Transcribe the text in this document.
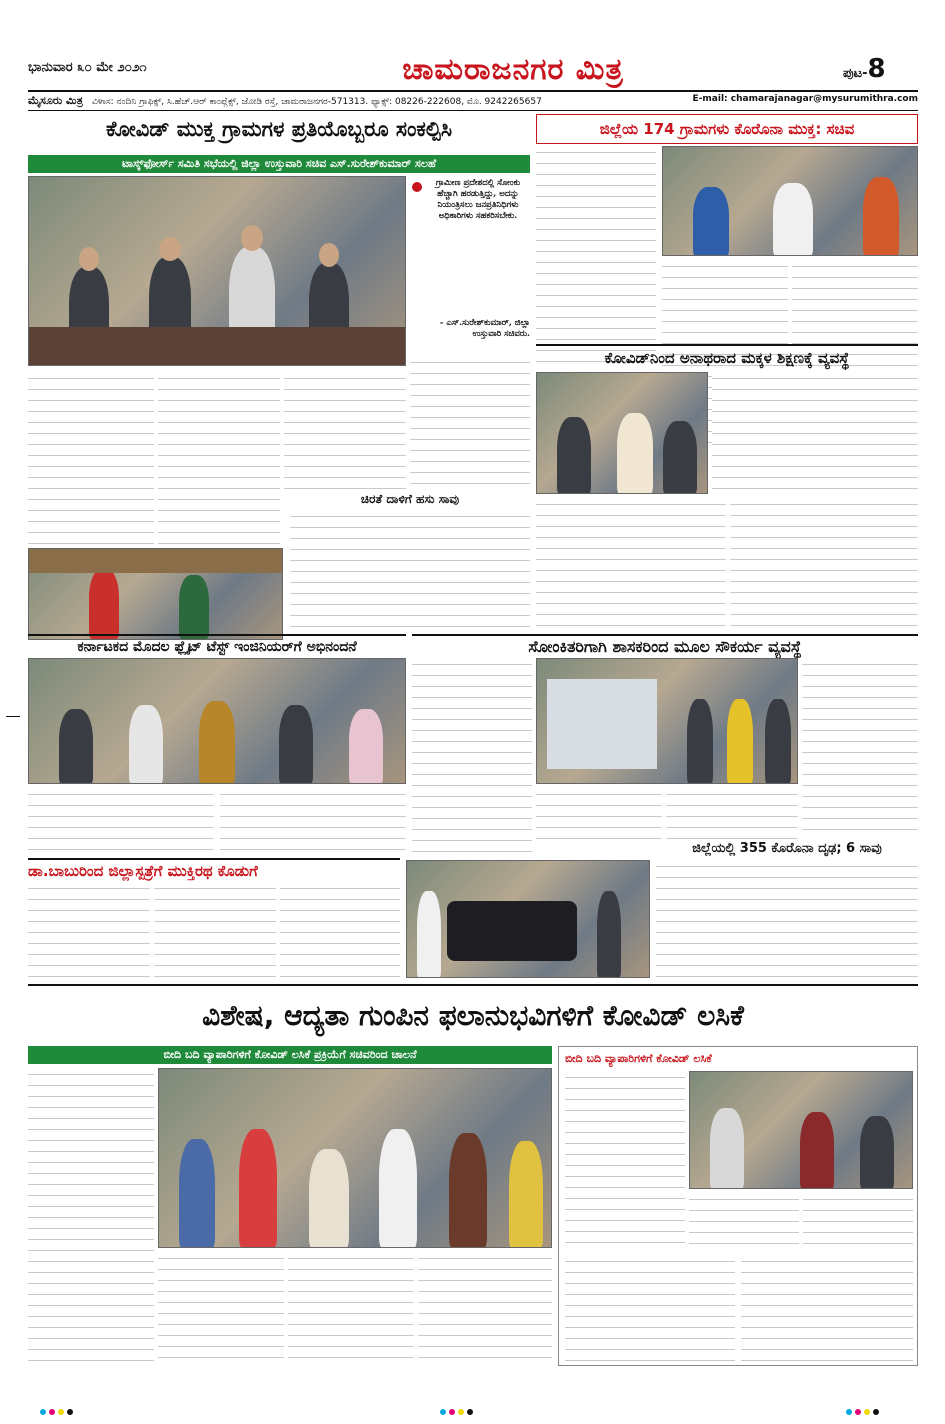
ಭಾನುವಾರ ೩೦ ಮೇ ೨೦೨೧	ಚಾಮರಾಜನಗರ ಮಿತ್ರ	ಪುಟ-8
ಮೈಸೂರು ಮಿತ್ರ ವಿಳಾಸ: ನಂದಿನಿ ಗ್ರಾಫಿಕ್ಸ್, ಸಿ.ಹೆಚ್.ಆರ್ ಕಾಂಪ್ಲೆಕ್ಸ್, ಜೋಡಿ ರಸ್ತೆ, ಚಾಮರಾಜನಗರ-571313. ಫ್ಯಾಕ್ಸ್: 08226-222608, ಮೊ. 9242265657	E-mail: chamarajanagar@mysurumithra.com
ಕೋವಿಡ್ ಮುಕ್ತ ಗ್ರಾಮಗಳ ಪ್ರತಿಯೊಬ್ಬರೂ ಸಂಕಲ್ಪಿಸಿ
ಟಾಸ್ಕ್‌ಫೋರ್ಸ್ ಸಮಿತಿ ಸಭೆಯಲ್ಲಿ ಜಿಲ್ಲಾ ಉಸ್ತುವಾರಿ ಸಚಿವ ಎಸ್.ಸುರೇಶ್‌ಕುಮಾರ್ ಸಲಹೆ
ಗ್ರಾಮೀಣ ಪ್ರದೇಶದಲ್ಲಿ ಸೋಂಕು ಹೆಚ್ಚಾಗಿ ಹರಡುತ್ತಿದ್ದು, ಅದನ್ನು ನಿಯಂತ್ರಿಸಲು ಜನಪ್ರತಿನಿಧಿಗಳು ಅಧಿಕಾರಿಗಳು ಸಹಕರಿಸಬೇಕು.
- ಎಸ್.ಸುರೇಶ್‌ಕುಮಾರ್, ಜಿಲ್ಲಾ ಉಸ್ತುವಾರಿ ಸಚಿವರು.
ಚಿರತೆ ದಾಳಿಗೆ ಹಸು ಸಾವು
ಜಿಲ್ಲೆಯ 174 ಗ್ರಾಮಗಳು ಕೊರೊನಾ ಮುಕ್ತ: ಸಚಿವ
ಕೋವಿಡ್‌ನಿಂದ ಅನಾಥರಾದ ಮಕ್ಕಳ ಶಿಕ್ಷಣಕ್ಕೆ ವ್ಯವಸ್ಥೆ
ಕರ್ನಾಟಕದ ಮೊದಲ ಫ್ಲೈಟ್ ಟೆಸ್ಟ್ ಇಂಜಿನಿಯರ್‌ಗೆ ಅಭಿನಂದನೆ	ಸೋಂಕಿತರಿಗಾಗಿ ಶಾಸಕರಿಂದ ಮೂಲ ಸೌಕರ್ಯ ವ್ಯವಸ್ಥೆ
ಜಿಲ್ಲೆಯಲ್ಲಿ 355 ಕೊರೊನಾ ದೃಢ; 6 ಸಾವು
ಡಾ.ಬಾಬುರಿಂದ ಜಿಲ್ಲಾಸ್ಪತ್ರೆಗೆ ಮುಕ್ತಿರಥ ಕೊಡುಗೆ
ವಿಶೇಷ, ಆದ್ಯತಾ ಗುಂಪಿನ ಫಲಾನುಭವಿಗಳಿಗೆ ಕೋವಿಡ್ ಲಸಿಕೆ
ಬೀದಿ ಬದಿ ವ್ಯಾಪಾರಿಗಳಿಗೆ ಕೋವಿಡ್ ಲಸಿಕೆ ಪ್ರಕ್ರಿಯೆಗೆ ಸಚಿವರಿಂದ ಚಾಲನೆ	ಬೀದಿ ಬದಿ ವ್ಯಾಪಾರಿಗಳಿಗೆ ಕೋವಿಡ್ ಲಸಿಕೆ
